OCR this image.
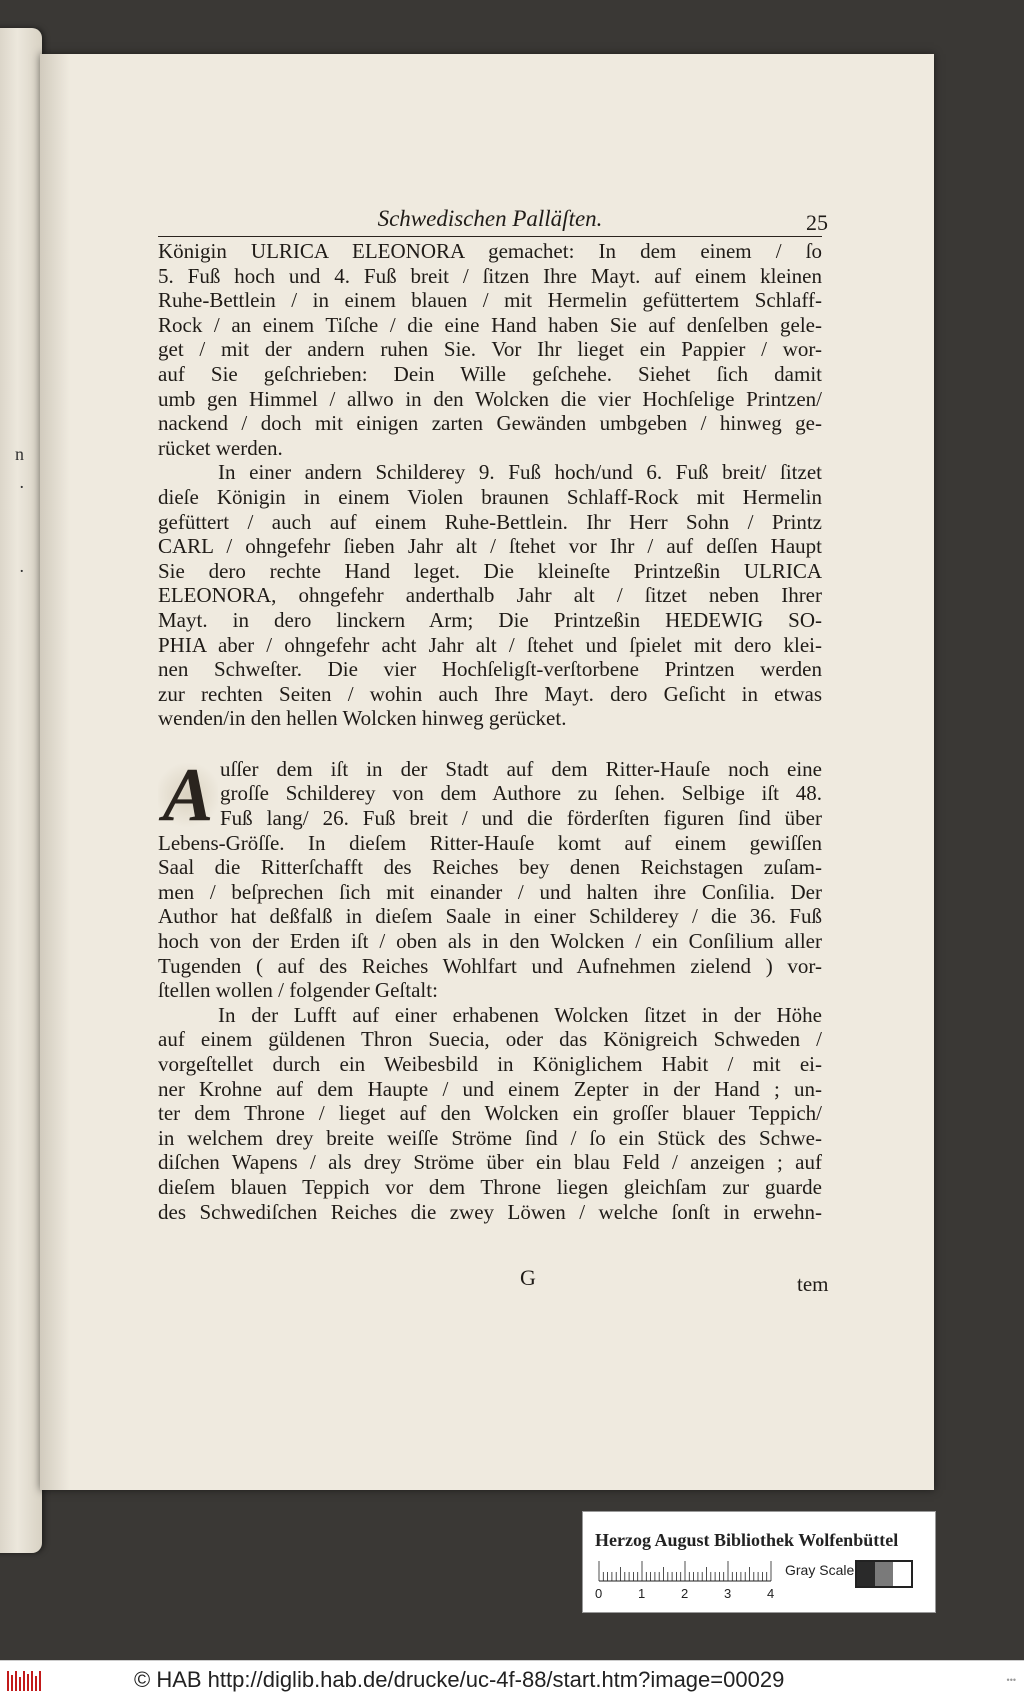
n
.

.

Schwedischen Palläſten.	25
Königin ULRICA ELEONORA gemachet: In dem einem / ſo
5. Fuß hoch und 4. Fuß breit / ſitzen Ihre Mayt. auf einem kleinen
Ruhe-Bettlein / in einem blauen / mit Hermelin gefüttertem Schlaff-
Rock / an einem Tiſche / die eine Hand haben Sie auf denſelben gele-
get / mit der andern ruhen Sie. Vor Ihr lieget ein Pappier / wor-
auf Sie geſchrieben: Dein Wille geſchehe. Siehet ſich damit
umb gen Himmel / allwo in den Wolcken die vier Hochſelige Printzen/
nackend / doch mit einigen zarten Gewänden umbgeben / hinweg ge-
rücket werden.
In einer andern Schilderey 9. Fuß hoch/und 6. Fuß breit/ ſitzet
dieſe Königin in einem Violen braunen Schlaff-Rock mit Hermelin
gefüttert / auch auf einem Ruhe-Bettlein. Ihr Herr Sohn / Printz
CARL / ohngefehr ſieben Jahr alt / ſtehet vor Ihr / auf deſſen Haupt
Sie dero rechte Hand leget. Die kleineſte Printzeßin ULRICA
ELEONORA, ohngefehr anderthalb Jahr alt / ſitzet neben Ihrer
Mayt. in dero linckern Arm; Die Printzeßin HEDEWIG SO-
PHIA aber / ohngefehr acht Jahr alt / ſtehet und ſpielet mit dero klei-
nen Schweſter. Die vier Hochſeligſt-verſtorbene Printzen werden
zur rechten Seiten / wohin auch Ihre Mayt. dero Geſicht in etwas
wenden/in den hellen Wolcken hinweg gerücket.
A uſſer dem iſt in der Stadt auf dem Ritter-Hauſe noch eine
groſſe Schilderey von dem Authore zu ſehen. Selbige iſt 48.
Fuß lang/ 26. Fuß breit / und die förderſten figuren ſind über
Lebens-Gröſſe. In dieſem Ritter-Hauſe komt auf einem gewiſſen
Saal die Ritterſchafft des Reiches bey denen Reichstagen zuſam-
men / beſprechen ſich mit einander / und halten ihre Conſilia. Der
Author hat deßfalß in dieſem Saale in einer Schilderey / die 36. Fuß
hoch von der Erden iſt / oben als in den Wolcken / ein Conſilium aller
Tugenden ( auf des Reiches Wohlfart und Aufnehmen zielend ) vor-
ſtellen wollen / folgender Geſtalt:
In der Lufft auf einer erhabenen Wolcken ſitzet in der Höhe
auf einem güldenen Thron Suecia, oder das Königreich Schweden /
vorgeſtellet durch ein Weibesbild in Königlichem Habit / mit ei-
ner Krohne auf dem Haupte / und einem Zepter in der Hand ; un-
ter dem Throne / lieget auf den Wolcken ein groſſer blauer Teppich/
in welchem drey breite weiſſe Ströme ſind / ſo ein Stück des Schwe-
diſchen Wapens / als drey Ströme über ein blau Feld / anzeigen ; auf
dieſem blauen Teppich vor dem Throne liegen gleichſam zur guarde
des Schwediſchen Reiches die zwey Löwen / welche ſonſt in erwehn-
G	tem
Herzog August Bibliothek Wolfenbüttel
0	1	2	3	4
Gray Scale
© HAB http://diglib.hab.de/drucke/uc-4f-88/start.htm?image=00029	•••
